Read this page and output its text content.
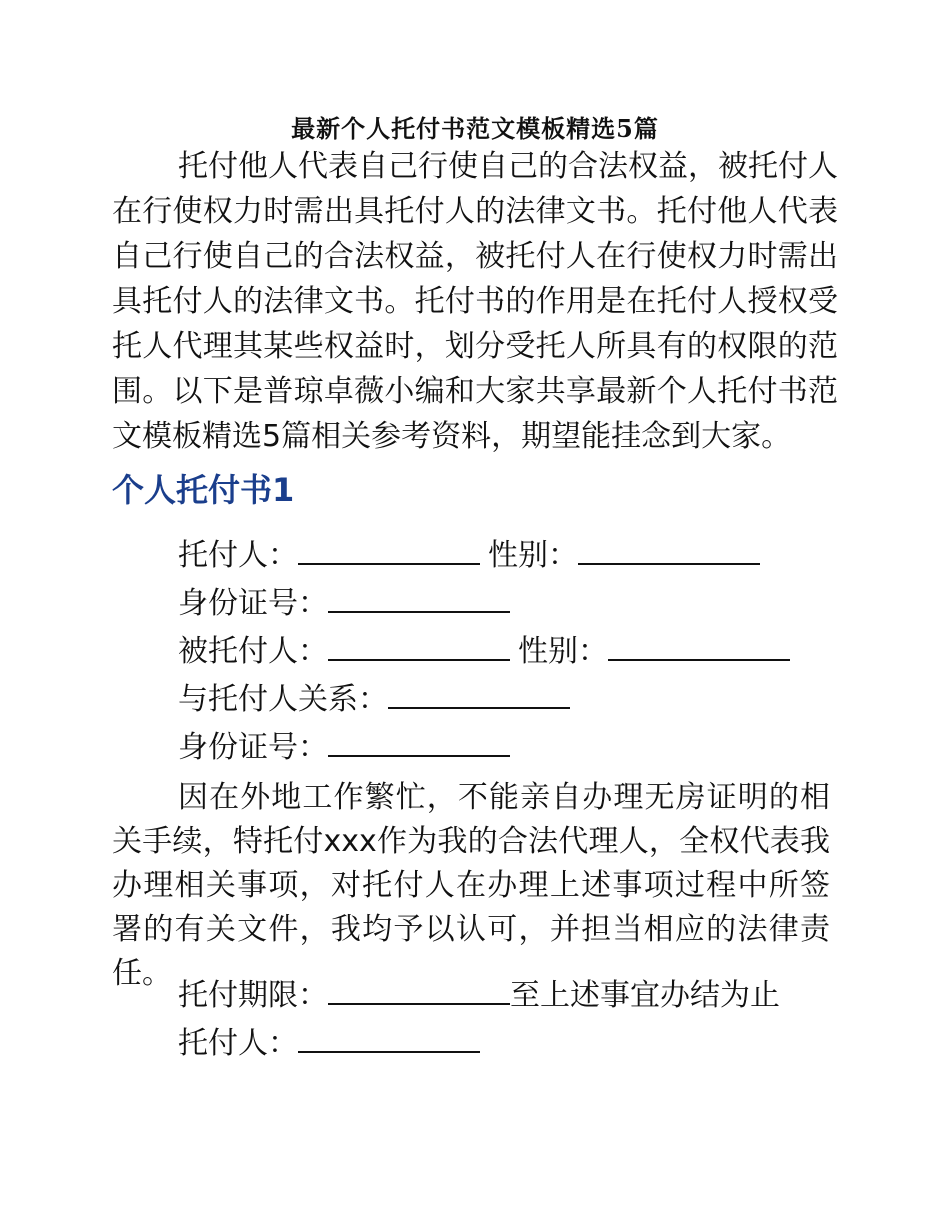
最新个人托付书范文模板精选5篇

托付他人代表自己行使自己的合法权益，被托付人在行使权力时需出具托付人的法律文书。托付他人代表自己行使自己的合法权益，被托付人在行使权力时需出具托付人的法律文书。托付书的作用是在托付人授权受托人代理其某些权益时，划分受托人所具有的权限的范围。以下是普琼卓薇小编和大家共享最新个人托付书范文模板精选5篇相关参考资料，期望能挂念到大家。

个人托付书1
托付人：	性别：
身份证号：
被托付人：	性别：
与托付人关系：
身份证号：

因在外地工作繁忙，不能亲自办理无房证明的相关手续，特托付xxx作为我的合法代理人，全权代表我办理相关事项，对托付人在办理上述事项过程中所签署的有关文件，我均予以认可，并担当相应的法律责任。

托付期限：	至上述事宜办结为止
托付人：
